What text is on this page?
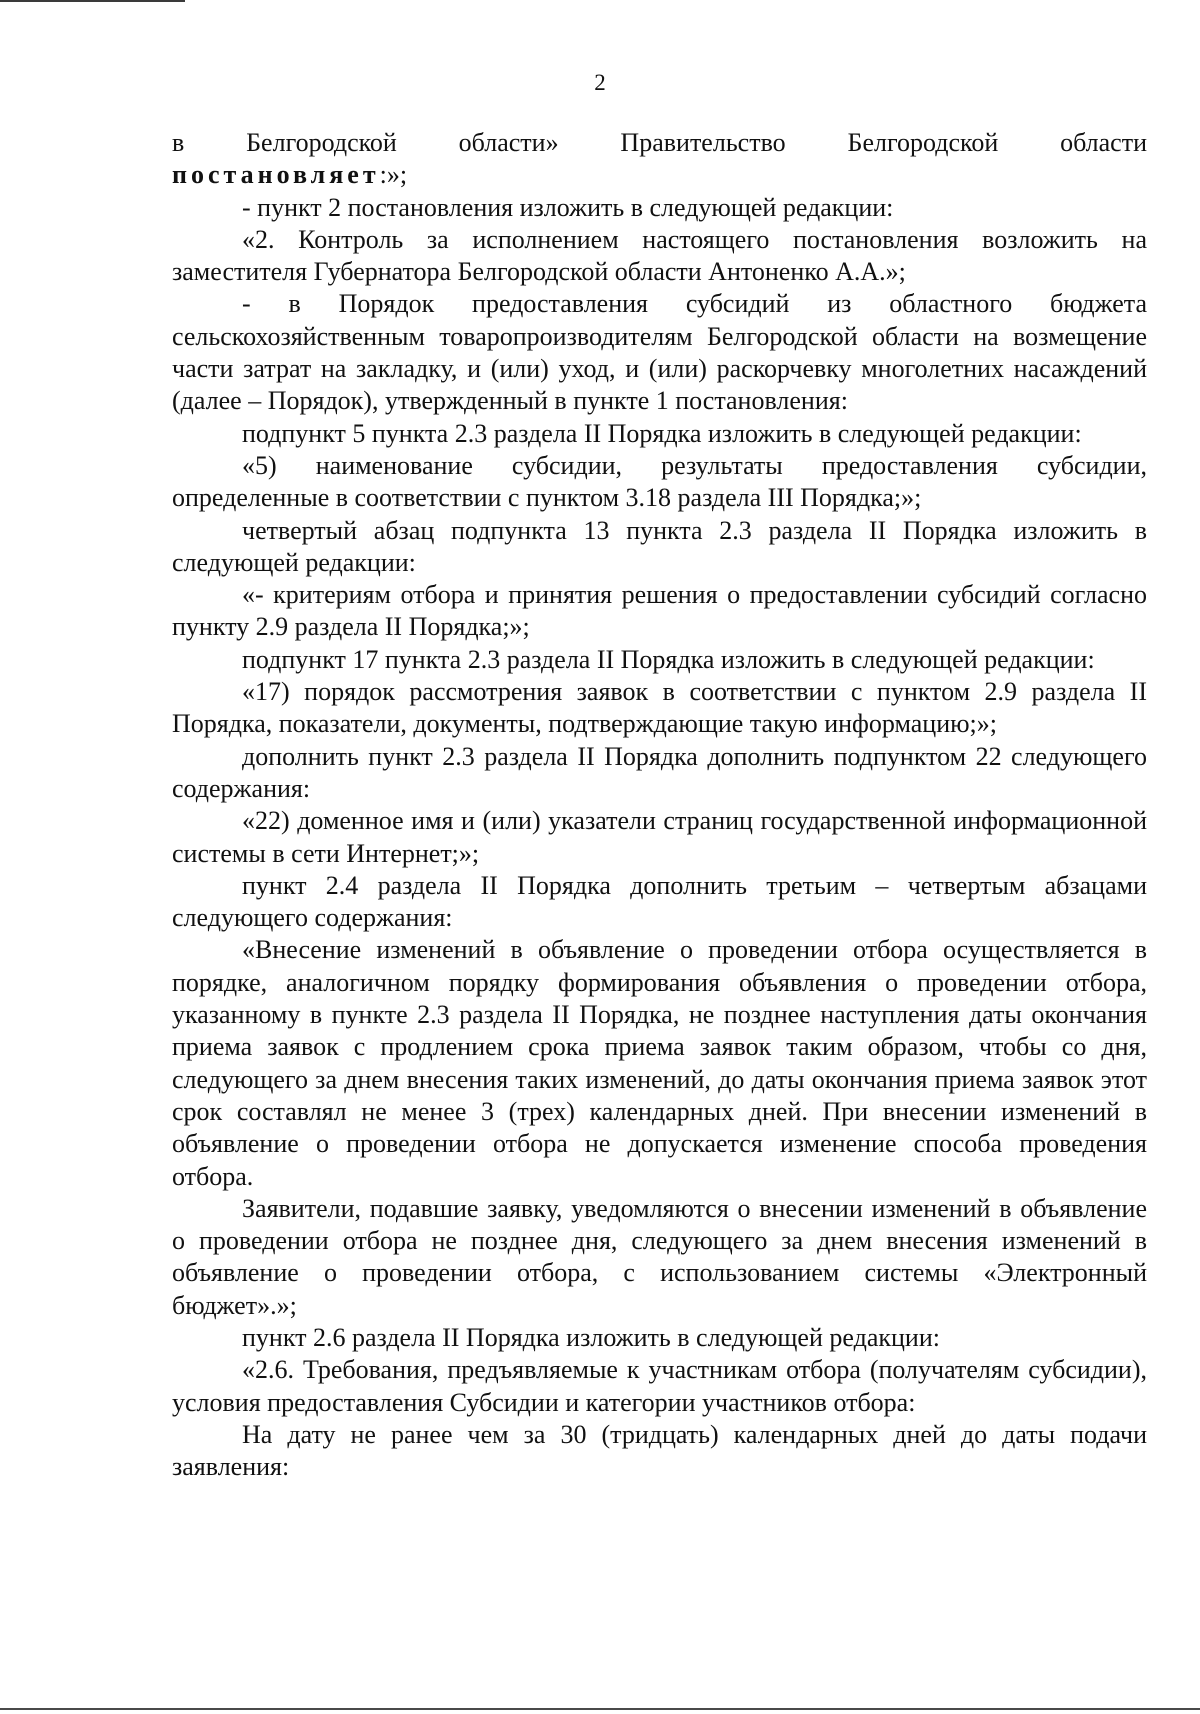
2

в Белгородской области» Правительство Белгородской области

постановляет:»;

- пункт 2 постановления изложить в следующей редакции:

«2. Контроль за исполнением настоящего постановления возложить на заместителя Губернатора Белгородской области Антоненко А.А.»;

- в Порядок предоставления субсидий из областного бюджета сельскохозяйственным товаропроизводителям Белгородской области на возмещение части затрат на закладку, и (или) уход, и (или) раскорчевку многолетних насаждений (далее – Порядок), утвержденный в пункте 1 постановления:

подпункт 5 пункта 2.3 раздела II Порядка изложить в следующей редакции:

«5) наименование субсидии, результаты предоставления субсидии, определенные в соответствии с пунктом 3.18 раздела III Порядка;»;

четвертый абзац подпункта 13 пункта 2.3 раздела II Порядка изложить в следующей редакции:

«- критериям отбора и принятия решения о предоставлении субсидий согласно пункту 2.9 раздела II Порядка;»;

подпункт 17 пункта 2.3 раздела II Порядка изложить в следующей редакции:

«17) порядок рассмотрения заявок в соответствии с пунктом 2.9 раздела II Порядка, показатели, документы, подтверждающие такую информацию;»;

дополнить пункт 2.3 раздела II Порядка дополнить подпунктом 22 следующего содержания:

«22) доменное имя и (или) указатели страниц государственной информационной системы в сети Интернет;»;

пункт 2.4 раздела II Порядка дополнить третьим – четвертым абзацами следующего содержания:

«Внесение изменений в объявление о проведении отбора осуществляется в порядке, аналогичном порядку формирования объявления о проведении отбора, указанному в пункте 2.3 раздела II Порядка, не позднее наступления даты окончания приема заявок с продлением срока приема заявок таким образом, чтобы со дня, следующего за днем внесения таких изменений, до даты окончания приема заявок этот срок составлял не менее 3 (трех) календарных дней. При внесении изменений в объявление о проведении отбора не допускается изменение способа проведения отбора.

Заявители, подавшие заявку, уведомляются о внесении изменений в объявление о проведении отбора не позднее дня, следующего за днем внесения изменений в объявление о проведении отбора, с использованием системы «Электронный бюджет».»;

пункт 2.6 раздела II Порядка изложить в следующей редакции:

«2.6. Требования, предъявляемые к участникам отбора (получателям субсидии), условия предоставления Субсидии и категории участников отбора:

На дату не ранее чем за 30 (тридцать) календарных дней до даты подачи заявления:
